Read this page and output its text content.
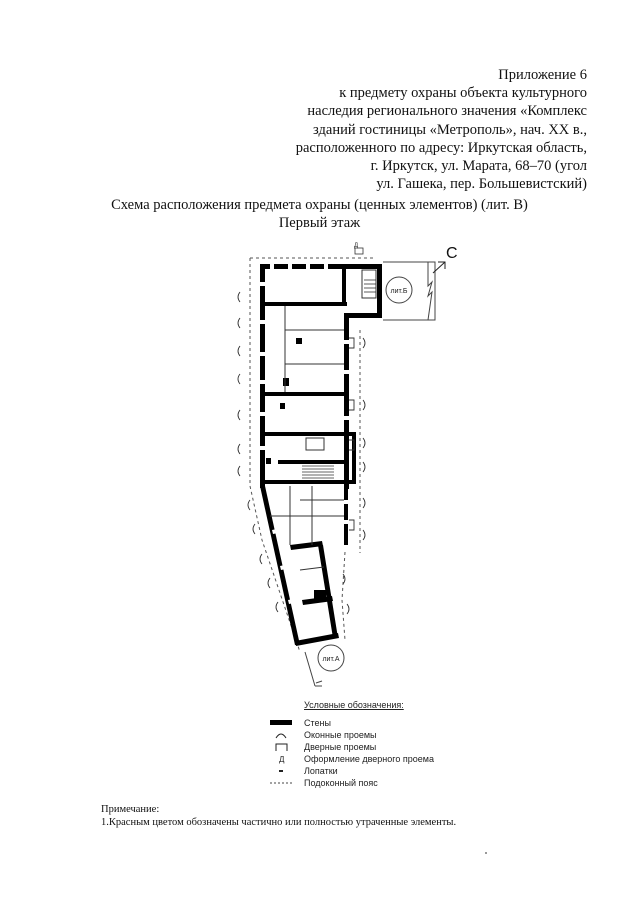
Приложение 6
к предмету охраны объекта культурного
наследия регионального значения «Комплекс
зданий гостиницы «Метрополь», нач. XX в.,
расположенного по адресу: Иркутская область,
г. Иркутск, ул. Марата, 68–70 (угол
ул. Гашека, пер. Большевистский)
Схема расположения предмета охраны (ценных элементов) (лит. В)
Первый этаж
лит.Б
С
Д
лит.А
Условные обозначения:
Стены
Оконные проемы
Дверные проемы
Д Оформление дверного проема
Лопатки
Подоконный пояс
Примечание:
1.Красным цветом обозначены частично или полностью утраченные элементы.
